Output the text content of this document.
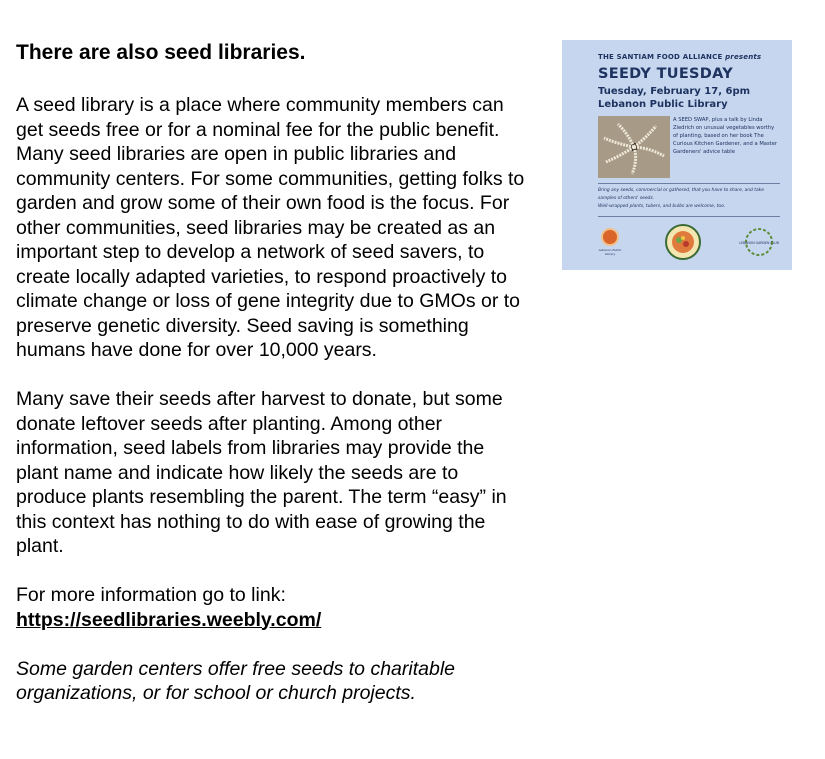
There are also seed libraries.
A seed library is a place where community members can get seeds free or for a nominal fee for the public benefit. Many seed libraries are open in public libraries and community centers. For some communities, getting folks to garden and grow some of their own food is the focus. For other communities, seed libraries may be created as an important step to develop a network of seed savers, to create locally adapted varieties, to respond proactively to climate change or loss of gene integrity due to GMOs or to preserve genetic diversity. Seed saving is something humans have done for over 10,000 years.
Many save their seeds after harvest to donate, but some donate leftover seeds after planting. Among other information, seed labels from libraries may provide the plant name and indicate how likely the seeds are to produce plants resembling the parent. The term “easy” in this context has nothing to do with ease of growing the plant.
For more information go to link:
https://seedlibraries.weebly.com/
Some garden centers offer free seeds to charitable organizations, or for school or church projects.
THE SANTIAM FOOD ALLIANCE presents
SEEDY TUESDAY
Tuesday, February 17, 6pm
Lebanon Public Library
A SEED SWAP, plus a talk by Linda Ziedrich on unusual vegetables worthy of planting, based on her book The Curious Kitchen Gardener, and a Master Gardeners' advice table
Bring any seeds, commercial or gathered, that you have to share, and take samples of others' seeds.
Well-wrapped plants, tubers, and bulbs are welcome, too.
Lebanon Public Library
LEBANON GARDEN CLUB
